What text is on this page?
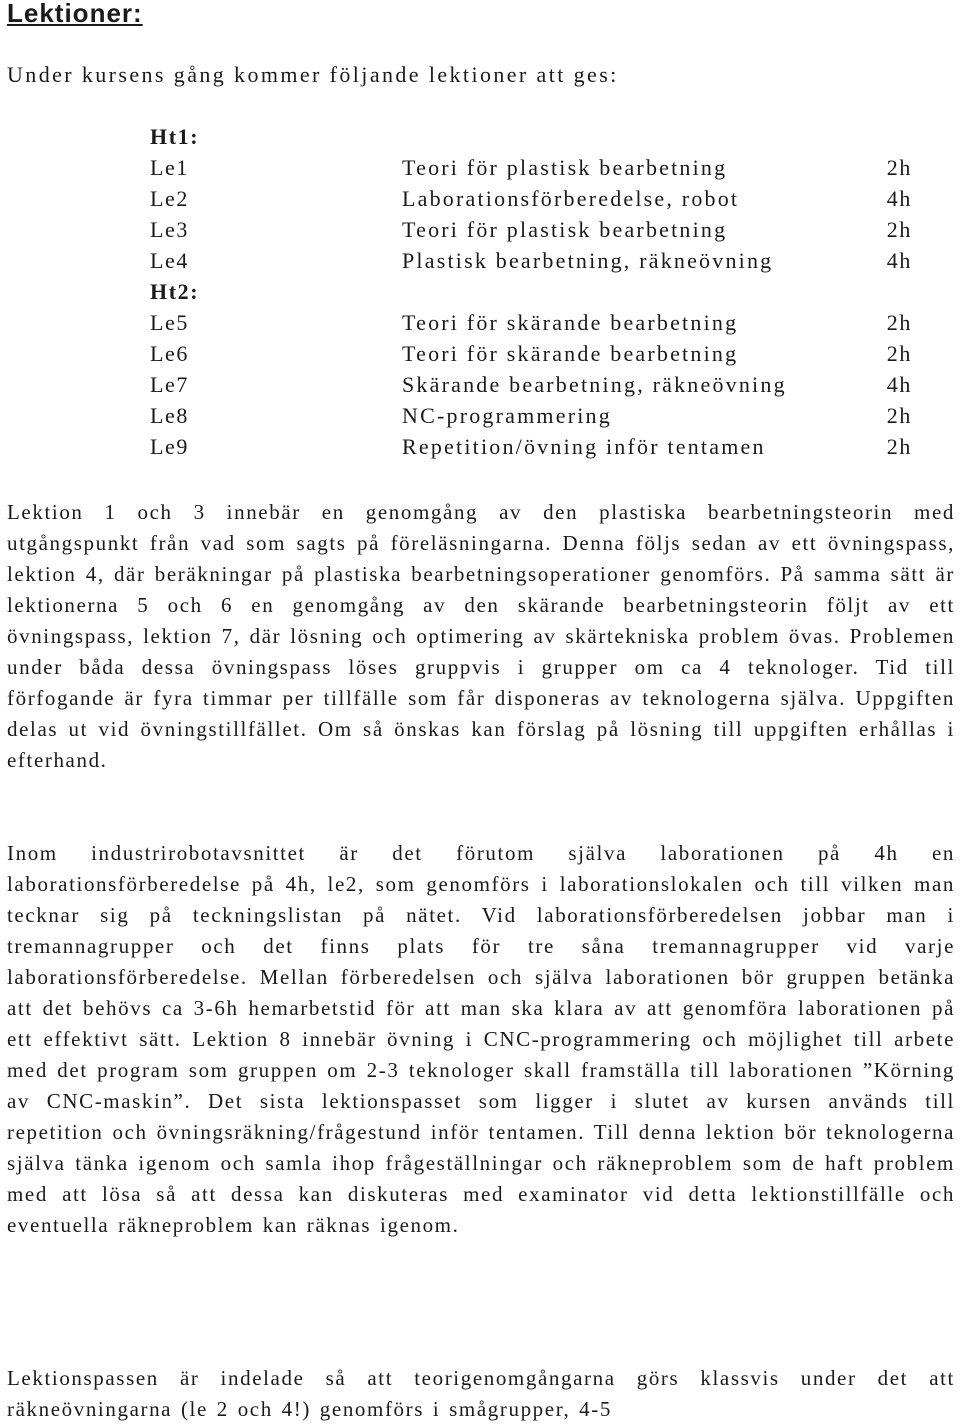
Lektioner:

Under kursens gång kommer följande lektioner att ges:

Ht1:
Le1	Teori för plastisk bearbetning	2h
Le2	Laborationsförberedelse, robot	4h
Le3	Teori för plastisk bearbetning	2h
Le4	Plastisk bearbetning, räkneövning	4h
Ht2:
Le5	Teori för skärande bearbetning	2h
Le6	Teori för skärande bearbetning	2h
Le7	Skärande bearbetning, räkneövning	4h
Le8	NC-programmering	2h
Le9	Repetition/övning inför tentamen	2h

Lektion 1 och 3 innebär en genomgång av den plastiska bearbetningsteorin med utgångspunkt från vad som sagts på föreläsningarna. Denna följs sedan av ett övningspass, lektion 4, där beräkningar på plastiska bearbetningsoperationer genomförs. På samma sätt är lektionerna 5 och 6 en genomgång av den skärande bearbetningsteorin följt av ett övningspass, lektion 7, där lösning och optimering av skärtekniska problem övas. Problemen under båda dessa övningspass löses gruppvis i grupper om ca 4 teknologer. Tid till förfogande är fyra timmar per tillfälle som får disponeras av teknologerna själva. Uppgiften delas ut vid övningstillfället. Om så önskas kan förslag på lösning till uppgiften erhållas i efterhand.

Inom industrirobotavsnittet är det förutom själva laborationen på 4h en laborationsförberedelse på 4h, le2, som genomförs i laborationslokalen och till vilken man tecknar sig på teckningslistan på nätet. Vid laborationsförberedelsen jobbar man i tremannagrupper och det finns plats för tre såna tremannagrupper vid varje laborationsförberedelse. Mellan förberedelsen och själva laborationen bör gruppen betänka att det behövs ca 3-6h hemarbetstid för att man ska klara av att genomföra laborationen på ett effektivt sätt. Lektion 8 innebär övning i CNC-programmering och möjlighet till arbete med det program som gruppen om 2-3 teknologer skall framställa till laborationen ”Körning av CNC-maskin”. Det sista lektionspasset som ligger i slutet av kursen används till repetition och övningsräkning/frågestund inför tentamen. Till denna lektion bör teknologerna själva tänka igenom och samla ihop frågeställningar och räkneproblem som de haft problem med att lösa så att dessa kan diskuteras med examinator vid detta lektionstillfälle och eventuella räkneproblem kan räknas igenom.

Lektionspassen är indelade så att teorigenomgångarna görs klassvis under det att räkneövningarna (le 2 och 4!) genomförs i smågrupper, 4-5
